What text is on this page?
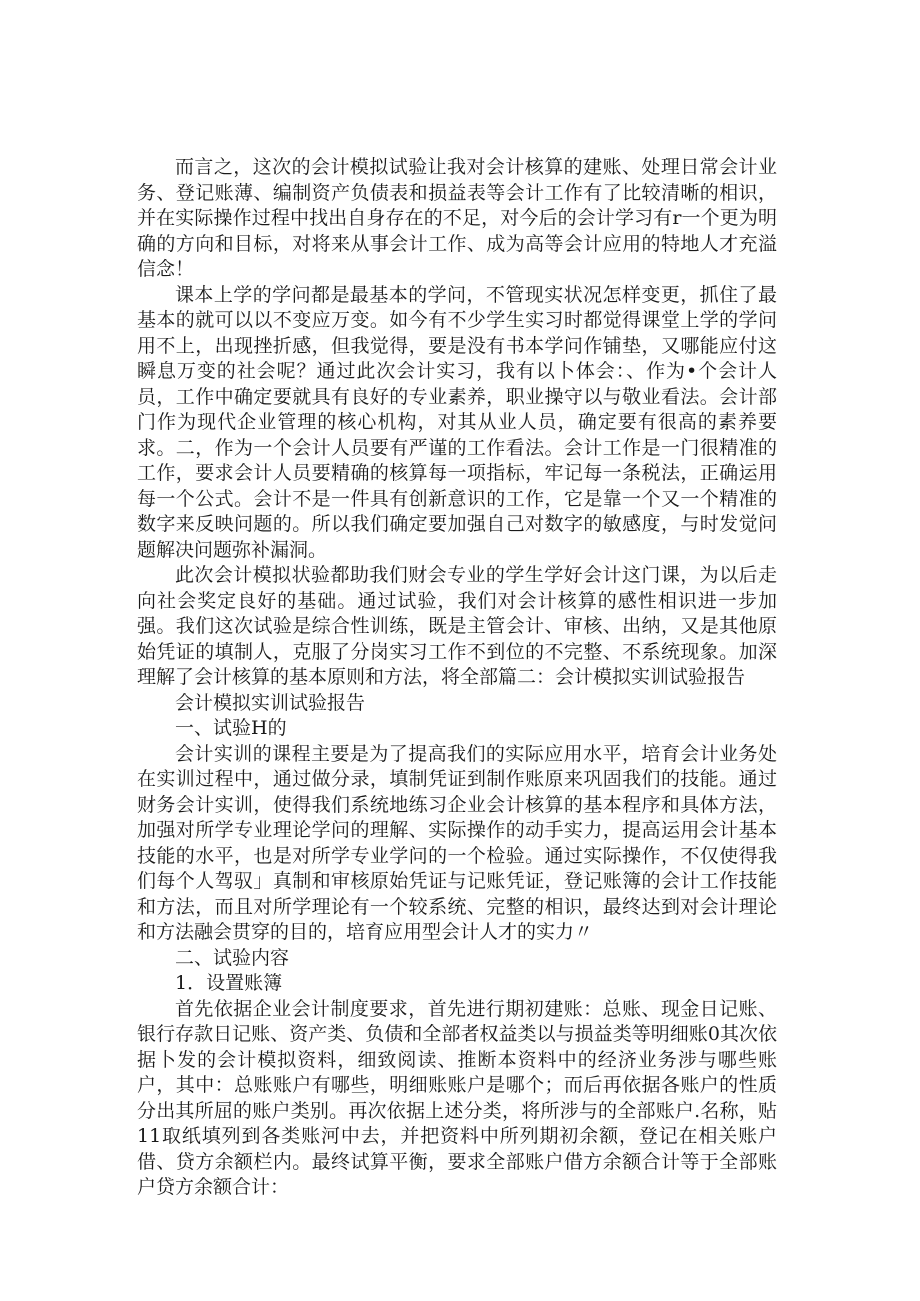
而言之，这次的会计模拟试验让我对会计核算的建账、处理日常会计业务、登记账薄、编制资产负债表和损益表等会计工作有了比较清晰的相识，并在实际操作过程中找出自身存在的不足，对今后的会计学习有r一个更为明确的方向和目标，对将来从事会计工作、成为高等会计应用的特地人才充溢信念！

课本上学的学问都是最基本的学问，不管现实状况怎样变更，抓住了最基本的就可以以不变应万变。如今有不少学生实习时都觉得课堂上学的学问用不上，出现挫折感，但我觉得，要是没有书本学问作铺垫，又哪能应付这瞬息万变的社会呢？通过此次会计实习，我有以卜体会：、作为•个会计人员，工作中确定要就具有良好的专业素养，职业操守以与敬业看法。会计部门作为现代企业管理的核心机构，对其从业人员，确定要有很高的素养要求。二，作为一个会计人员要有严谨的工作看法。会计工作是一门很精准的工作，要求会计人员要精确的核算每一项指标，牢记每一条税法，正确运用每一个公式。会计不是一件具有创新意识的工作，它是靠一个又一个精准的数字来反映问题的。所以我们确定要加强自己对数字的敏感度，与时发觉问题解决问题弥补漏洞。

此次会计模拟状验都助我们财会专业的学生学好会计这门课，为以后走向社会奖定良好的基础。通过试验，我们对会计核算的感性相识进一步加强。我们这次试验是综合性训练，既是主管会计、审核、出纳，又是其他原始凭证的填制人，克服了分岗实习工作不到位的不完整、不系统现象。加深理解了会计核算的基本原则和方法，将全部篇二：会计模拟实训试验报告

会计模拟实训试验报告

一、试验H的

会计实训的课程主要是为了提高我们的实际应用水平，培育会计业务处在实训过程中，通过做分录，填制凭证到制作账原来巩固我们的技能。通过财务会计实训，使得我们系统地练习企业会计核算的基本程序和具体方法，加强对所学专业理论学问的理解、实际操作的动手实力，提高运用会计基本技能的水平，也是对所学专业学问的一个检验。通过实际操作，不仅使得我们每个人驾驭」真制和审核原始凭证与记账凭证，登记账簿的会计工作技能和方法，而且对所学理论有一个较系统、完整的相识，最终达到对会计理论和方法融会贯穿的目的，培育应用型会计人才的实力〃

二、试验内容

1．设置账簿

首先依据企业会计制度要求，首先进行期初建账：总账、现金日记账、银行存款日记账、资产类、负债和全部者权益类以与损益类等明细账0其次依据卜发的会计模拟资料，细致阅读、推断本资料中的经济业务涉与哪些账户，其中：总账账户有哪些，明细账账户是哪个；而后再依据各账户的性质分出其所屈的账户类别。再次依据上述分类，将所涉与的全部账户.名称，贴11取纸填列到各类账河中去，并把资料中所列期初余额，登记在相关账户借、贷方余额栏内。最终试算平衡，要求全部账户借方余额合计等于全部账户贷方余额合计：
